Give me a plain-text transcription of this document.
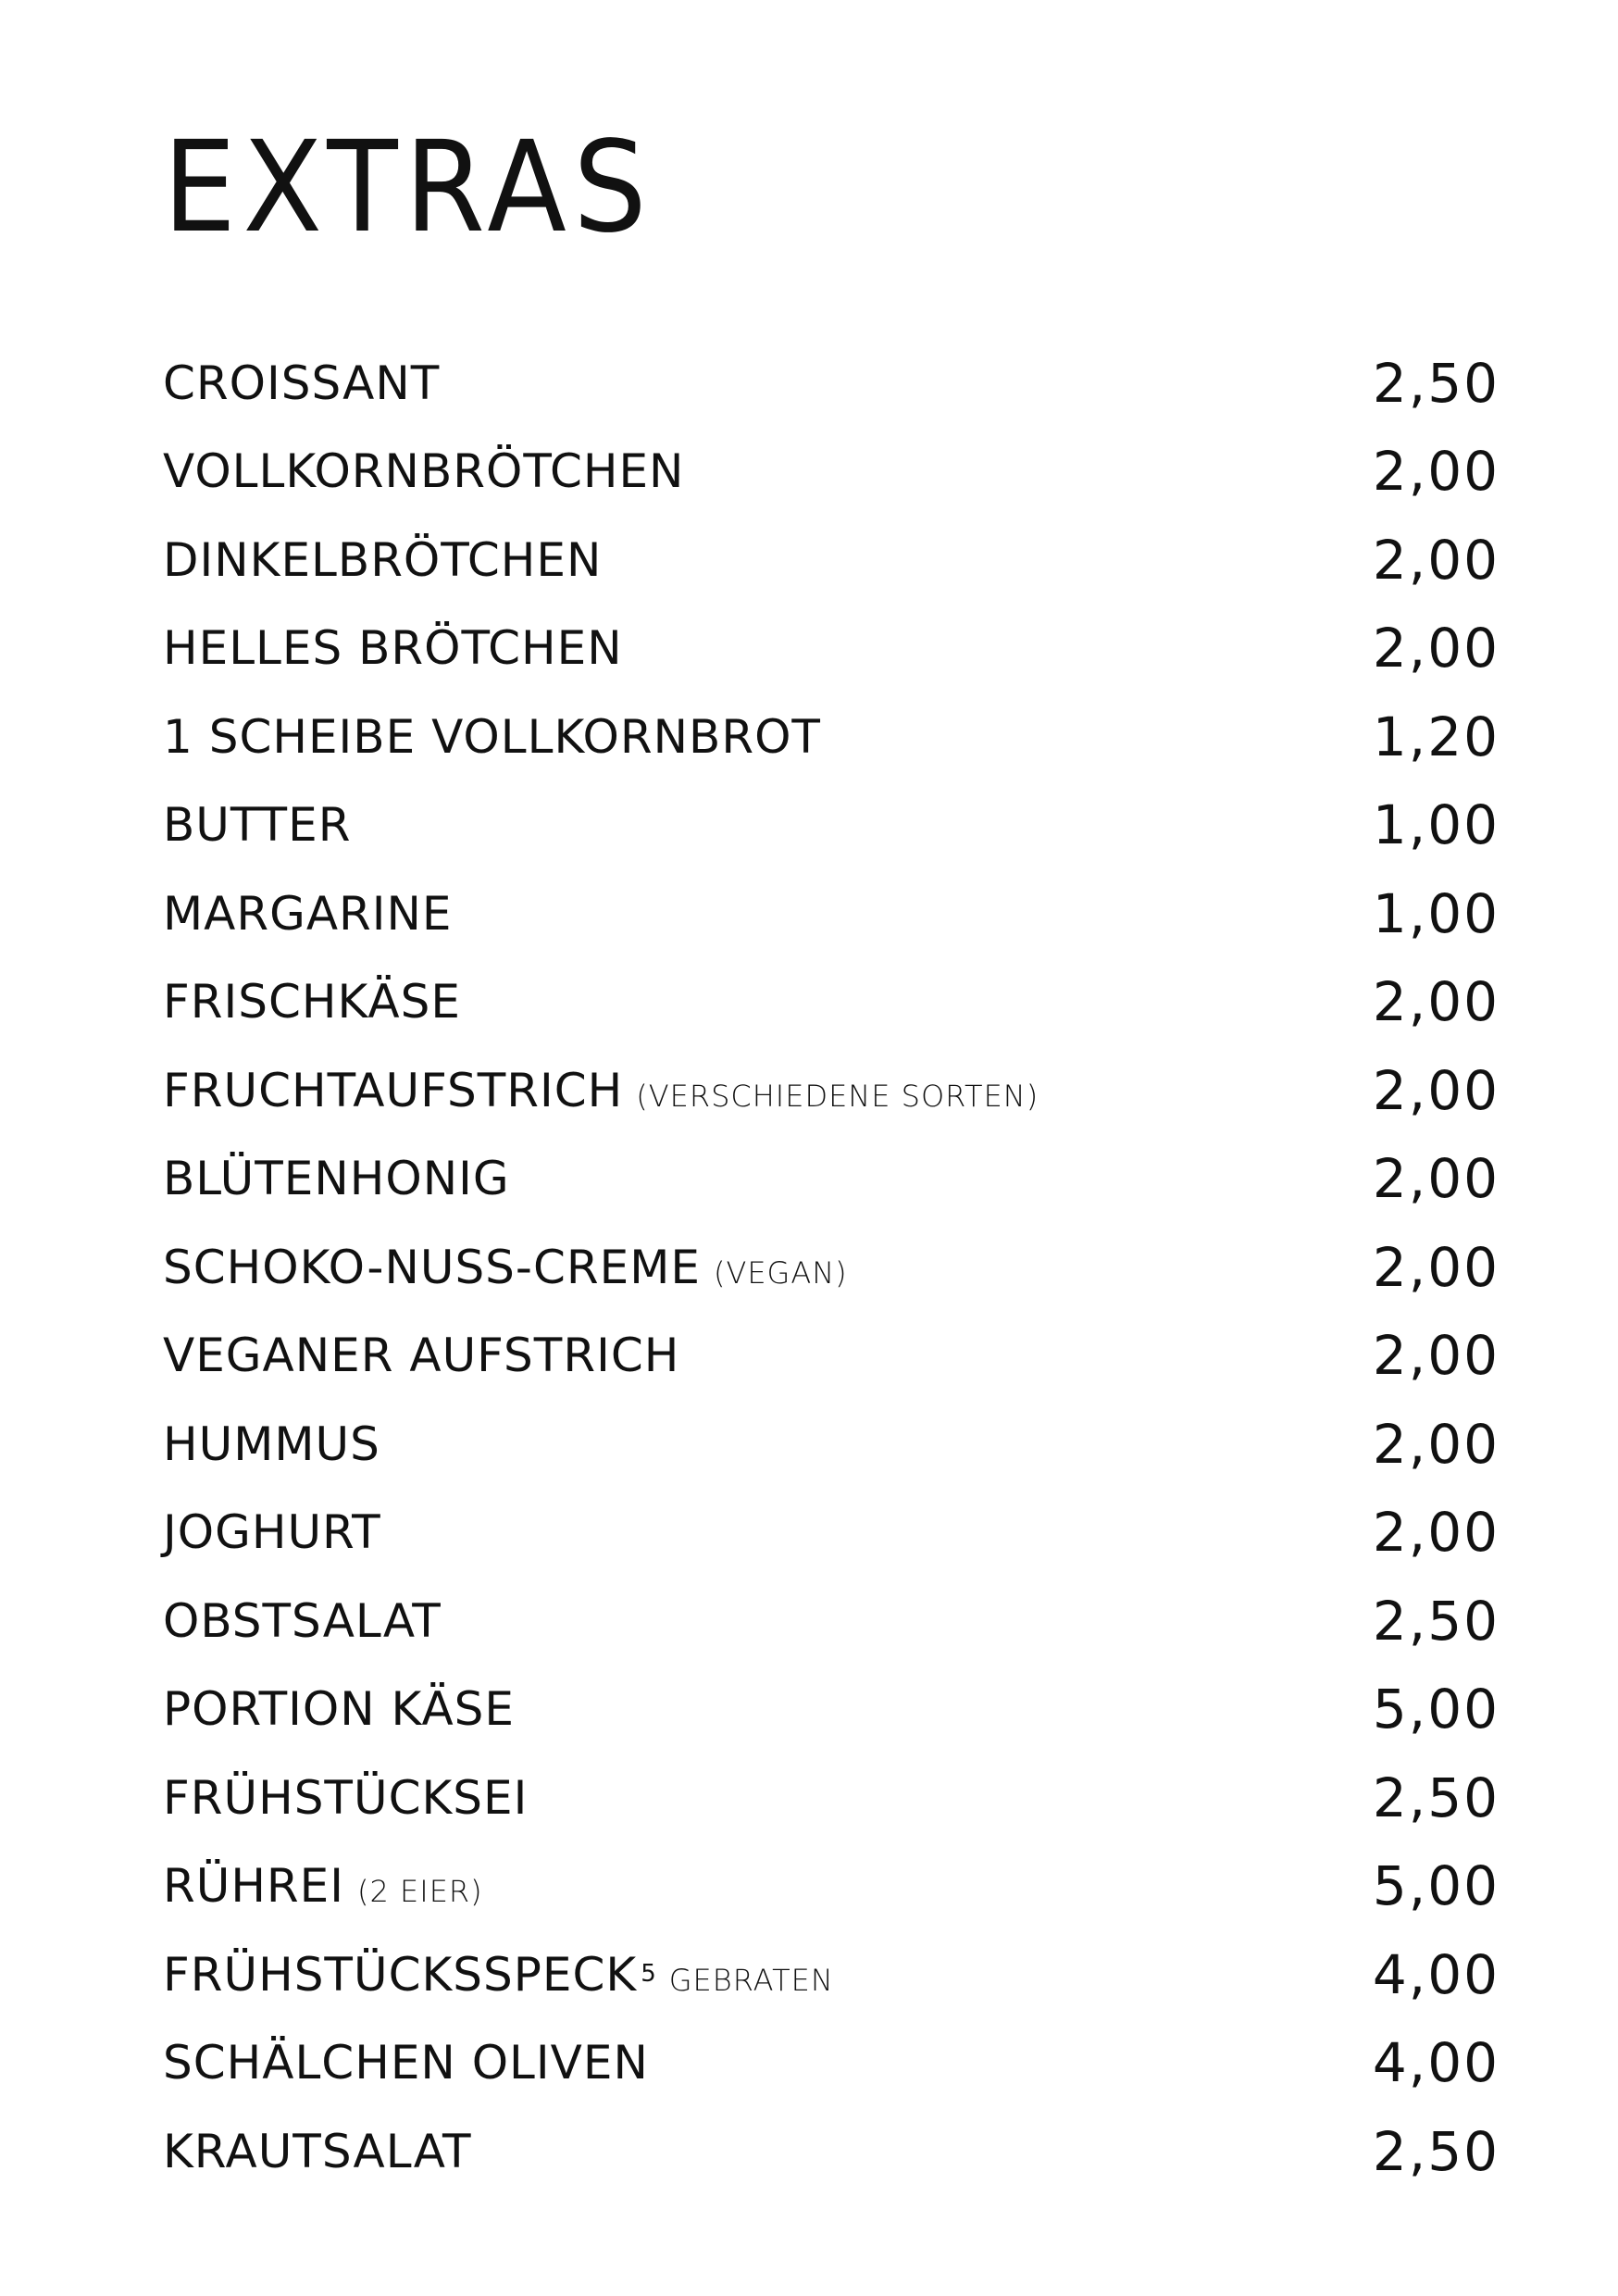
EXTRAS
CROISSANT	2,50
VOLLKORNBRÖTCHEN	2,00
DINKELBRÖTCHEN	2,00
HELLES BRÖTCHEN	2,00
1 SCHEIBE VOLLKORNBROT	1,20
BUTTER	1,00
MARGARINE	1,00
FRISCHKÄSE	2,00
FRUCHTAUFSTRICH (VERSCHIEDENE SORTEN)	2,00
BLÜTENHONIG	2,00
SCHOKO-NUSS-CREME (VEGAN)	2,00
VEGANER AUFSTRICH	2,00
HUMMUS	2,00
JOGHURT	2,00
OBSTSALAT	2,50
PORTION KÄSE	5,00
FRÜHSTÜCKSEI	2,50
RÜHREI (2 EIER)	5,00
FRÜHSTÜCKSSPECK 5 GEBRATEN	4,00
SCHÄLCHEN OLIVEN	4,00
KRAUTSALAT	2,50
